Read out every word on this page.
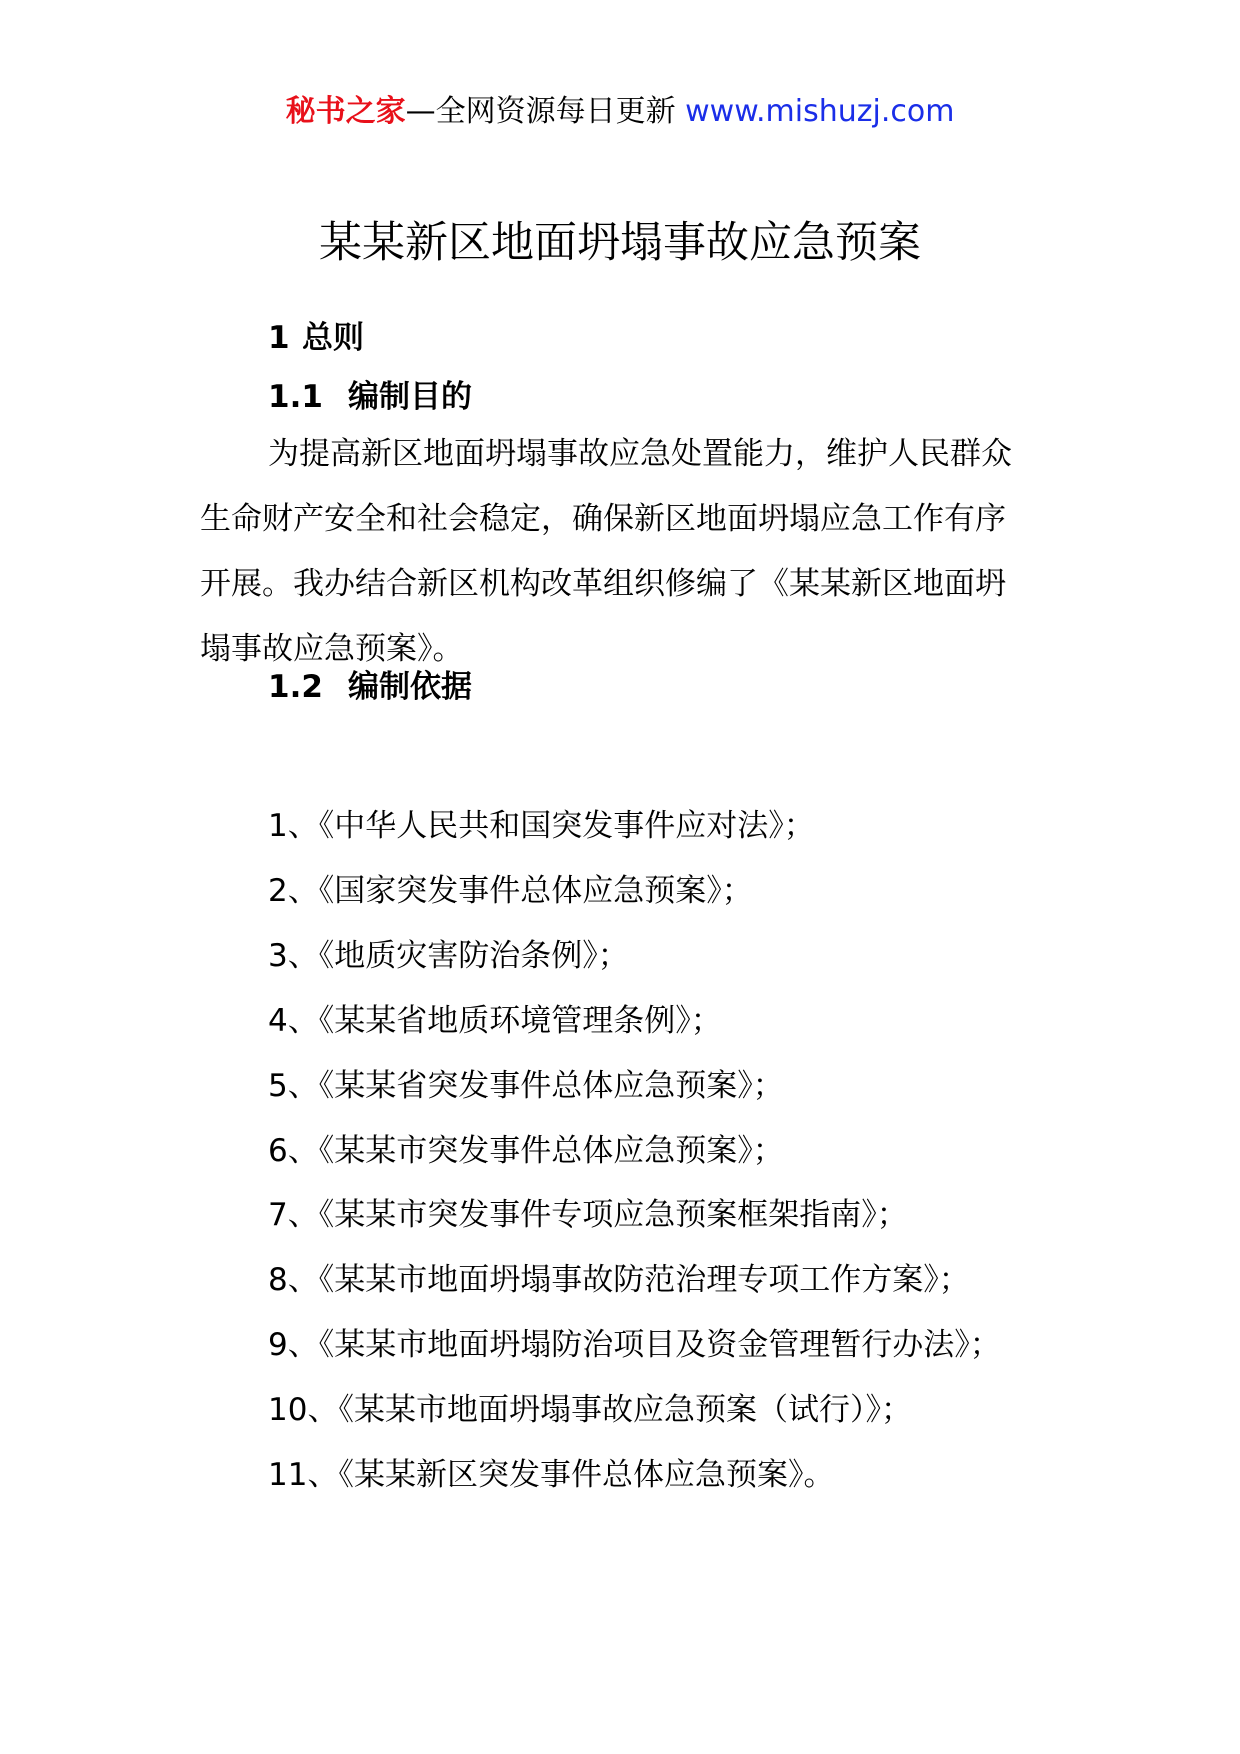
秘书之家—全网资源每日更新 www.mishuzj.com
某某新区地面坍塌事故应急预案
1 总则
1.1 编制目的
为提高新区地面坍塌事故应急处置能力，维护人民群众
生命财产安全和社会稳定，确保新区地面坍塌应急工作有序
开展。我办结合新区机构改革组织修编了《某某新区地面坍
塌事故应急预案》。
1.2 编制依据
1、《中华人民共和国突发事件应对法》；
2、《国家突发事件总体应急预案》；
3、《地质灾害防治条例》；
4、《某某省地质环境管理条例》；
5、《某某省突发事件总体应急预案》；
6、《某某市突发事件总体应急预案》；
7、《某某市突发事件专项应急预案框架指南》；
8、《某某市地面坍塌事故防范治理专项工作方案》；
9、《某某市地面坍塌防治项目及资金管理暂行办法》；
10、《某某市地面坍塌事故应急预案（试行）》；
11、《某某新区突发事件总体应急预案》。
